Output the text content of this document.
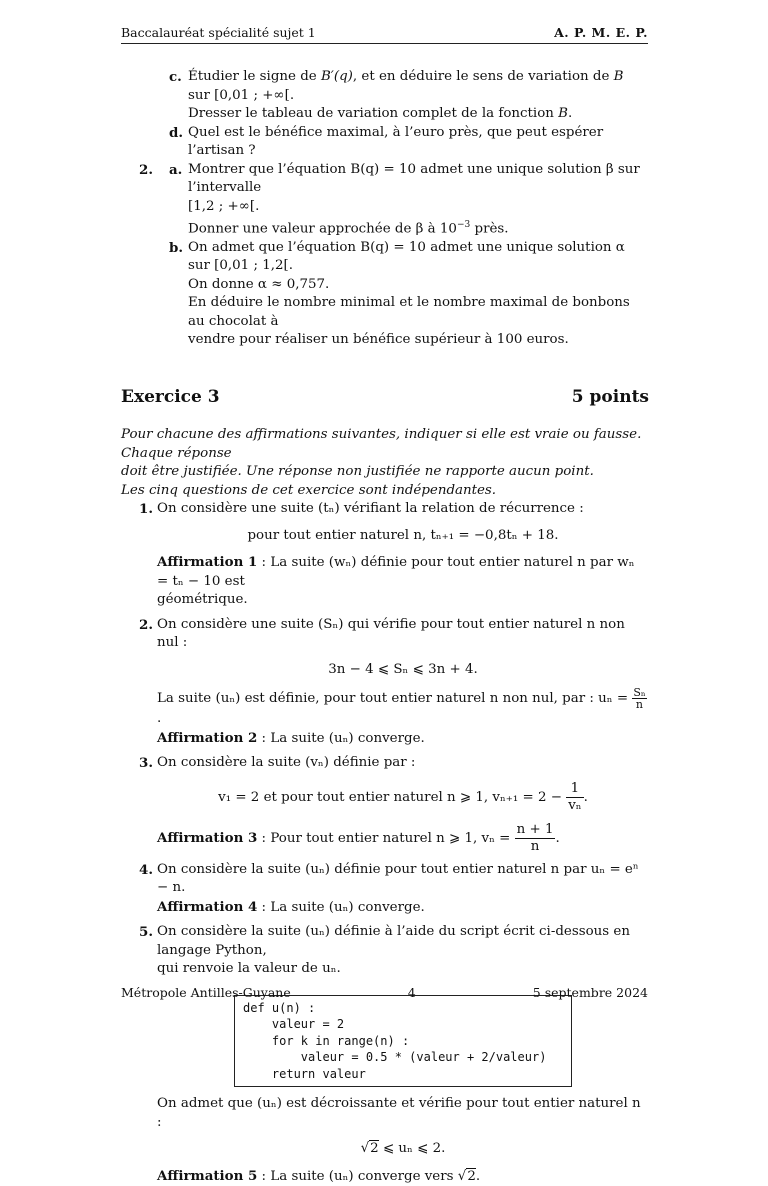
Baccalauréat spécialité sujet 1	A. P. M. E. P.
c. Étudier le signe de B′(q), et en déduire le sens de variation de B sur [0,01 ; +∞[.
Dresser le tableau de variation complet de la fonction B.
d. Quel est le bénéfice maximal, à l’euro près, que peut espérer l’artisan ?
2. a. Montrer que l’équation B(q) = 10 admet une unique solution β sur l’intervalle
[1,2 ; +∞[.
Donner une valeur approchée de β à $10^{-3}$ près.
b. On admet que l’équation B(q) = 10 admet une unique solution α sur [0,01 ; 1,2[.
On donne α ≈ 0,757.
En déduire le nombre minimal et le nombre maximal de bonbons au chocolat à
vendre pour réaliser un bénéfice supérieur à 100 euros.
Exercice 3	5 points
Pour chacune des affirmations suivantes, indiquer si elle est vraie ou fausse. Chaque réponse
doit être justifiée. Une réponse non justifiée ne rapporte aucun point.
Les cinq questions de cet exercice sont indépendantes.
1. On considère une suite (tₙ) vérifiant la relation de récurrence :
pour tout entier naturel n, tₙ₊₁ = −0,8tₙ + 18.
Affirmation 1 : La suite (wₙ) définie pour tout entier naturel n par wₙ = tₙ − 10 est
géométrique.
2. On considère une suite (Sₙ) qui vérifie pour tout entier naturel n non nul :
3n − 4 ⩽ Sₙ ⩽ 3n + 4.
La suite (uₙ) est définie, pour tout entier naturel n non nul, par : $u_n = \frac{\text{Sₙ}}{n}$
.
Affirmation 2 : La suite (uₙ) converge.
3. On considère la suite (vₙ) définie par :
v₁ = 2 et pour tout entier naturel n ⩾ 1, $v_{n+1} = 2 - \frac{1}{\text{vₙ}}$ .
Affirmation 3 : Pour tout entier naturel n ⩾ 1, $v_n = \frac{n + 1}{n}$ .
4. On considère la suite (uₙ) définie pour tout entier naturel n par uₙ = eⁿ − n.
Affirmation 4 : La suite (uₙ) converge.
5. On considère la suite (uₙ) définie à l’aide du script écrit ci-dessous en langage Python,
qui renvoie la valeur de uₙ.
def u(n) :
valeur = 2
for k in range(n) :
valeur = 0.5 * (valeur + 2/valeur)
return valeur
On admet que (uₙ) est décroissante et vérifie pour tout entier naturel n :
√2 ⩽ uₙ ⩽ 2.
Affirmation 5 : La suite (uₙ) converge vers √2.
Métropole Antilles-Guyane	4	5 septembre 2024
